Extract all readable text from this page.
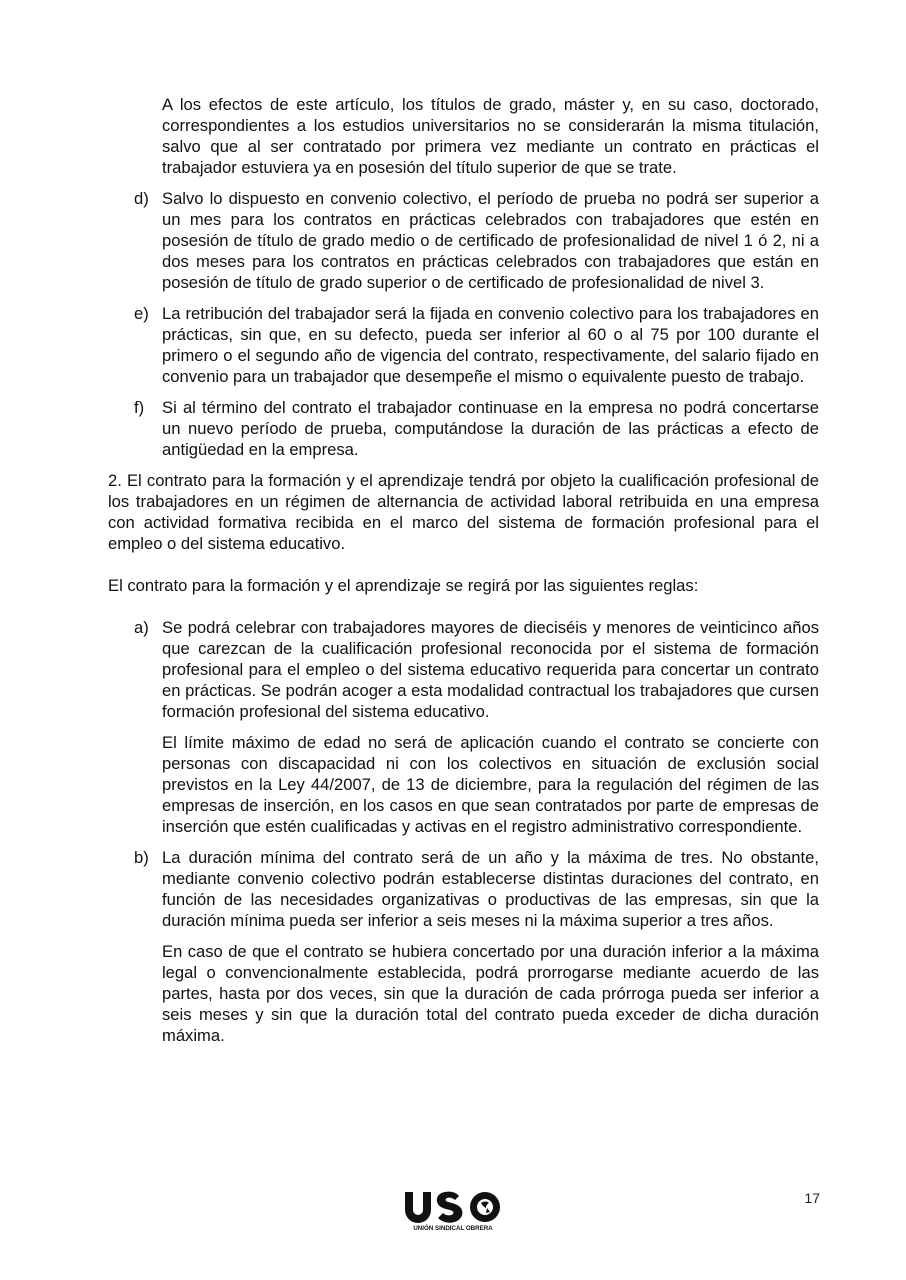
A los efectos de este artículo, los títulos de grado, máster y, en su caso, doctorado, correspondientes a los estudios universitarios no se considerarán la misma titulación, salvo que al ser contratado por primera vez mediante un contrato en prácticas el trabajador estuviera ya en posesión del título superior de que se trate.

d) Salvo lo dispuesto en convenio colectivo, el período de prueba no podrá ser superior a un mes para los contratos en prácticas celebrados con trabajadores que estén en posesión de título de grado medio o de certificado de profesionalidad de nivel 1 ó 2, ni a dos meses para los contratos en prácticas celebrados con trabajadores que están en posesión de título de grado superior o de certificado de profesionalidad de nivel 3.
e) La retribución del trabajador será la fijada en convenio colectivo para los trabajadores en prácticas, sin que, en su defecto, pueda ser inferior al 60 o al 75 por 100 durante el primero o el segundo año de vigencia del contrato, respectivamente, del salario fijado en convenio para un trabajador que desempeñe el mismo o equivalente puesto de trabajo.
f) Si al término del contrato el trabajador continuase en la empresa no podrá concertarse un nuevo período de prueba, computándose la duración de las prácticas a efecto de antigüedad en la empresa.

2. El contrato para la formación y el aprendizaje tendrá por objeto la cualificación profesional de los trabajadores en un régimen de alternancia de actividad laboral retribuida en una empresa con actividad formativa recibida en el marco del sistema de formación profesional para el empleo o del sistema educativo.

El contrato para la formación y el aprendizaje se regirá por las siguientes reglas:

a) Se podrá celebrar con trabajadores mayores de dieciséis y menores de veinticinco años que carezcan de la cualificación profesional reconocida por el sistema de formación profesional para el empleo o del sistema educativo requerida para concertar un contrato en prácticas. Se podrán acoger a esta modalidad contractual los trabajadores que cursen formación profesional del sistema educativo.

El límite máximo de edad no será de aplicación cuando el contrato se concierte con personas con discapacidad ni con los colectivos en situación de exclusión social previstos en la Ley 44/2007, de 13 de diciembre, para la regulación del régimen de las empresas de inserción, en los casos en que sean contratados por parte de empresas de inserción que estén cualificadas y activas en el registro administrativo correspondiente.

b) La duración mínima del contrato será de un año y la máxima de tres. No obstante, mediante convenio colectivo podrán establecerse distintas duraciones del contrato, en función de las necesidades organizativas o productivas de las empresas, sin que la duración mínima pueda ser inferior a seis meses ni la máxima superior a tres años.

En caso de que el contrato se hubiera concertado por una duración inferior a la máxima legal o convencionalmente establecida, podrá prorrogarse mediante acuerdo de las partes, hasta por dos veces, sin que la duración de cada prórroga pueda ser inferior a seis meses y sin que la duración total del contrato pueda exceder de dicha duración máxima.

17
UNIÓN SINDICAL OBRERA
